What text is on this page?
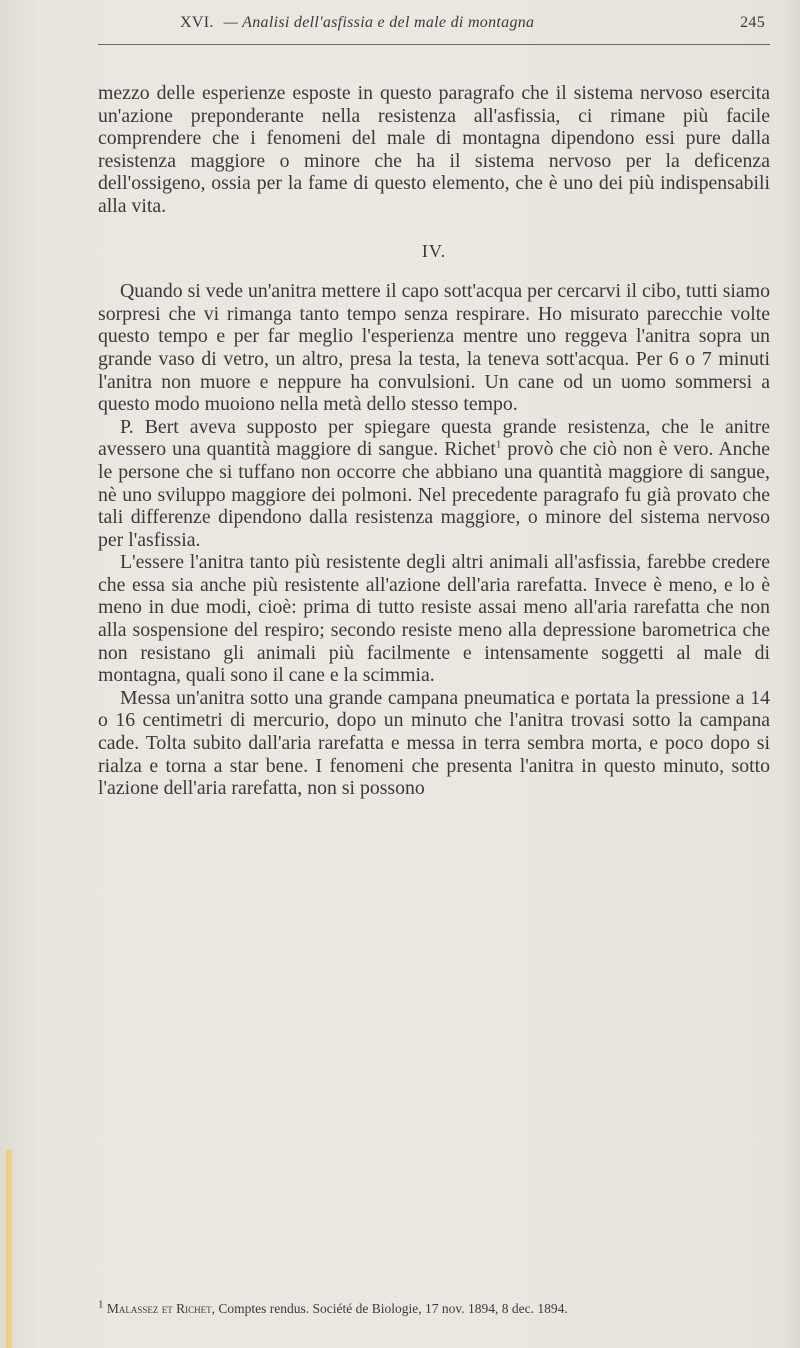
XVI. — Analisi dell'asfissia e del male di montagna	245

mezzo delle esperienze esposte in questo paragrafo che il sistema nervoso esercita un'azione preponderante nella resistenza all'asfissia, ci rimane più facile comprendere che i fenomeni del male di montagna dipendono essi pure dalla resistenza maggiore o minore che ha il sistema nervoso per la deficenza dell'ossigeno, ossia per la fame di questo elemento, che è uno dei più indispensabili alla vita.

IV.

Quando si vede un'anitra mettere il capo sott'acqua per cercarvi il cibo, tutti siamo sorpresi che vi rimanga tanto tempo senza respirare. Ho misurato parecchie volte questo tempo e per far meglio l'esperienza mentre uno reggeva l'anitra sopra un grande vaso di vetro, un altro, presa la testa, la teneva sott'acqua. Per 6 o 7 minuti l'anitra non muore e neppure ha convulsioni. Un cane od un uomo sommersi a questo modo muoiono nella metà dello stesso tempo.

P. Bert aveva supposto per spiegare questa grande resistenza, che le anitre avessero una quantità maggiore di sangue. Richet$^1$ provò che ciò non è vero. Anche le persone che si tuffano non occorre che abbiano una quantità maggiore di sangue, nè uno sviluppo maggiore dei polmoni. Nel precedente paragrafo fu già provato che tali differenze dipendono dalla resistenza maggiore, o minore del sistema nervoso per l'asfissia.

L'essere l'anitra tanto più resistente degli altri animali all'asfissia, farebbe credere che essa sia anche più resistente all'azione dell'aria rarefatta. Invece è meno, e lo è meno in due modi, cioè: prima di tutto resiste assai meno all'aria rarefatta che non alla sospensione del respiro; secondo resiste meno alla depressione barometrica che non resistano gli animali più facilmente e intensamente soggetti al male di montagna, quali sono il cane e la scimmia.

Messa un'anitra sotto una grande campana pneumatica e portata la pressione a 14 o 16 centimetri di mercurio, dopo un minuto che l'anitra trovasi sotto la campana cade. Tolta subito dall'aria rarefatta e messa in terra sembra morta, e poco dopo si rialza e torna a star bene. I fenomeni che presenta l'anitra in questo minuto, sotto l'azione dell'aria rarefatta, non si possono

$^1$ Malassez et Richet, Comptes rendus. Société de Biologie, 17 nov. 1894, 8 dec. 1894.
